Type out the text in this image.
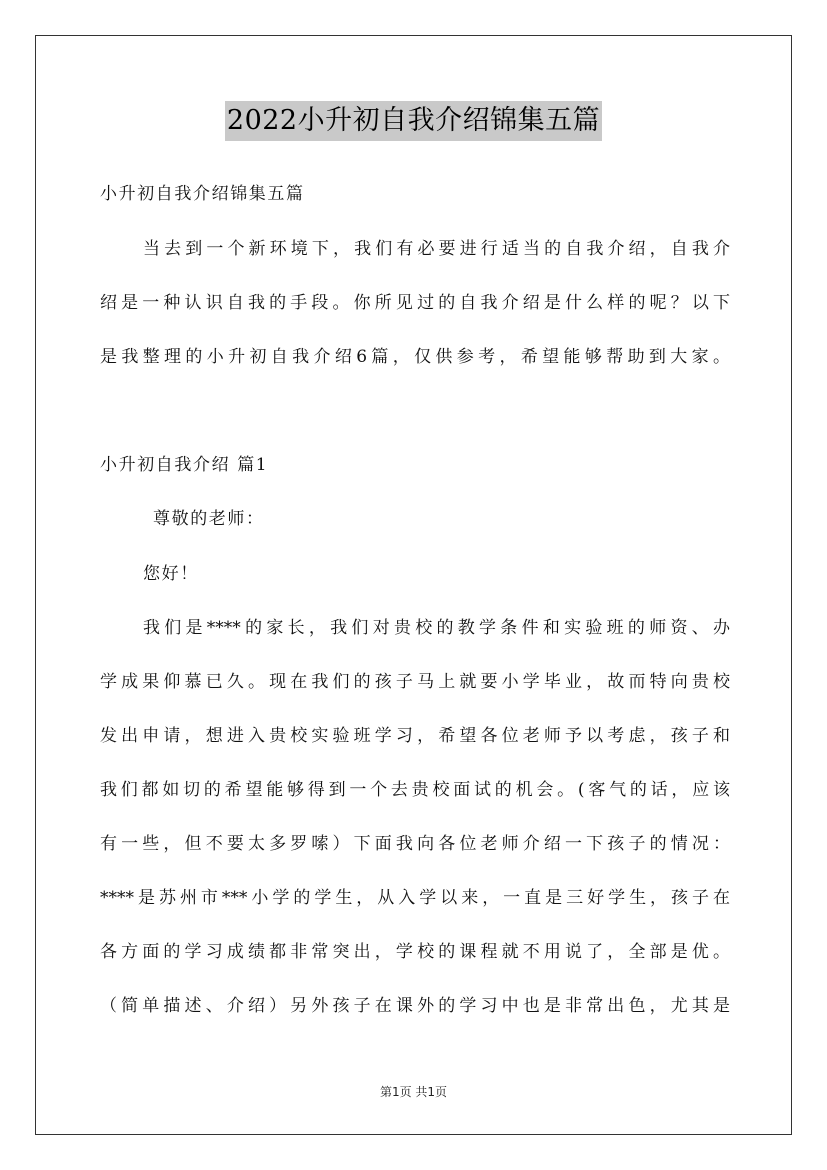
2022小升初自我介绍锦集五篇
小升初自我介绍锦集五篇
当去到一个新环境下，我们有必要进行适当的自我介绍，自我介
绍是一种认识自我的手段。你所见过的自我介绍是什么样的呢？以下
是我整理的小升初自我介绍6篇，仅供参考，希望能够帮助到大家。
小升初自我介绍 篇1
尊敬的老师：
您好！
我们是****的家长，我们对贵校的教学条件和实验班的师资、办
学成果仰慕已久。现在我们的孩子马上就要小学毕业，故而特向贵校
发出申请，想进入贵校实验班学习，希望各位老师予以考虑，孩子和
我们都如切的希望能够得到一个去贵校面试的机会。(客气的话，应该
有一些，但不要太多罗嗦）下面我向各位老师介绍一下孩子的情况：
****是苏州市***小学的学生，从入学以来，一直是三好学生，孩子在
各方面的学习成绩都非常突出，学校的课程就不用说了，全部是优。
（简单描述、介绍）另外孩子在课外的学习中也是非常出色，尤其是
第1页 共1页
